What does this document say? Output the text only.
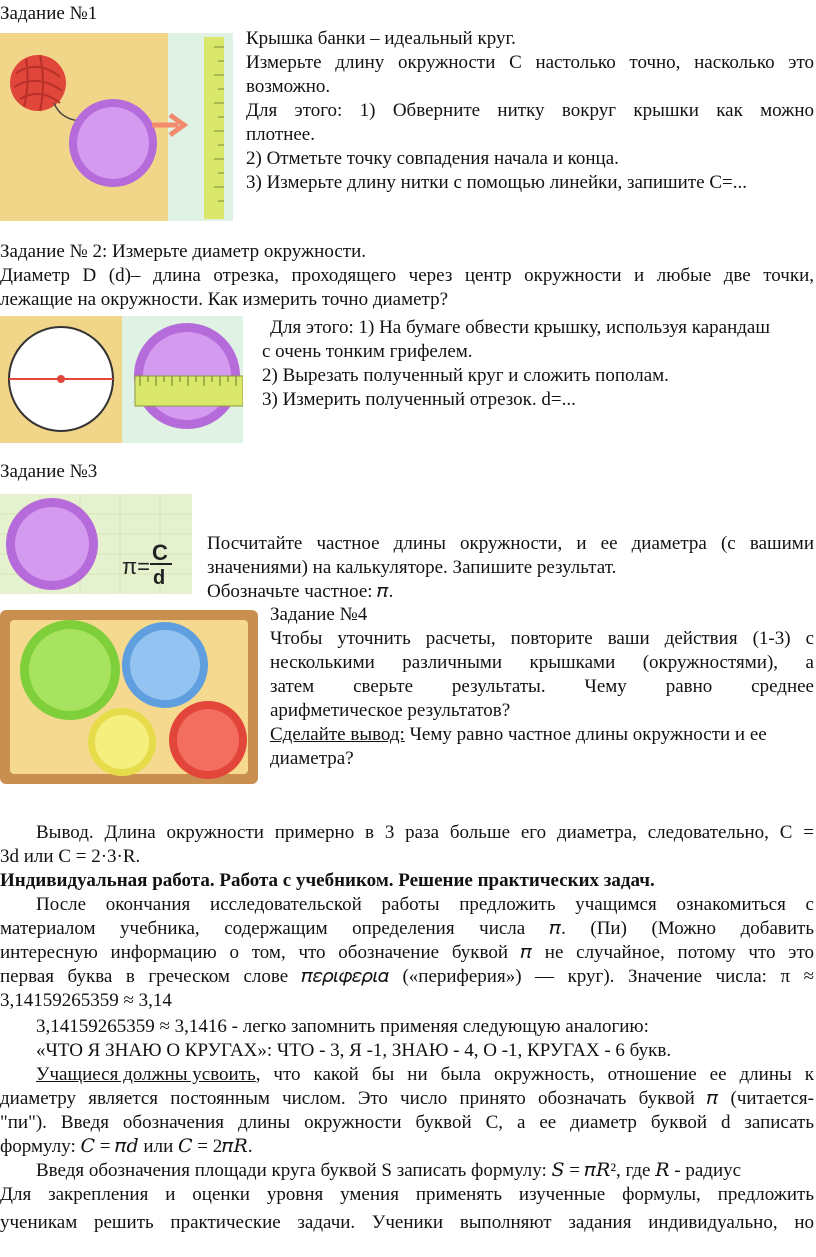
Задание №1
Крышка банки – идеальный круг.
Измерьте длину окружности C настолько точно, насколько это
возможно.
Для этого: 1) Обверните нитку вокруг крышки как можно
плотнее.
2) Отметьте точку совпадения начала и конца.
3) Измерьте длину нитки с помощью линейки, запишите С=...
Задание № 2: Измерьте диаметр окружности.
Диаметр D (d)– длина отрезка, проходящего через центр окружности и любые две точки,
лежащие на окружности. Как измерить точно диаметр?
Для этого: 1) На бумаге обвести крышку, используя карандаш
с очень тонким грифелем.
2) Вырезать полученный круг и сложить пополам.
3) Измерить полученный отрезок. d=...
Задание №3
π=
C
d
Посчитайте частное длины окружности, и ее диаметра (с вашими
значениями) на калькуляторе. Запишите результат.
Обозначьте частное: 𝜋.
Задание №4
Чтобы уточнить расчеты, повторите ваши действия (1-3) с
несколькими различными крышками (окружностями), а
затем сверьте результаты. Чему равно среднее
арифметическое результатов?
Сделайте вывод: Чему равно частное длины окружности и ее
диаметра?
Вывод. Длина окружности примерно в 3 раза больше его диаметра, следовательно, С =
3d или С = 2·3·R.
Индивидуальная работа. Работа с учебником. Решение практических задач.
После окончания исследовательской работы предложить учащимся ознакомиться с
материалом учебника, содержащим определения числа 𝜋. (Пи) (Можно добавить
интересную информацию о том, что обозначение буквой 𝜋 не случайное, потому что это
первая буква в греческом слове 𝜋𝜀𝜌𝜄𝜑𝜀𝜌𝜄𝛼 («периферия») — круг). Значение числа: π ≈
3,14159265359 ≈ 3,14
3,14159265359 ≈ 3,1416 - легко запомнить применяя следующую аналогию:
«ЧТО Я ЗНАЮ О КРУГАХ»: ЧТО - 3, Я -1, ЗНАЮ - 4, О -1, КРУГАХ - 6 букв.
Учащиеся должны усвоить , что какой бы ни была окружность, отношение ее длины к
диаметру является постоянным числом. Это число принято обозначать буквой 𝜋 (читается-
"пи"). Введя обозначения длины окружности буквой С, а ее диаметр буквой d записать
формулу: 𝐶 = 𝜋𝑑 или 𝐶 = 2𝜋𝑅.
Введя обозначения площади круга буквой S записать формулу: 𝑆 = 𝜋𝑅², где 𝑅 - радиус
Для закрепления и оценки уровня умения применять изученные формулы, предложить
ученикам решить практические задачи. Ученики выполняют задания индивидуально, но
